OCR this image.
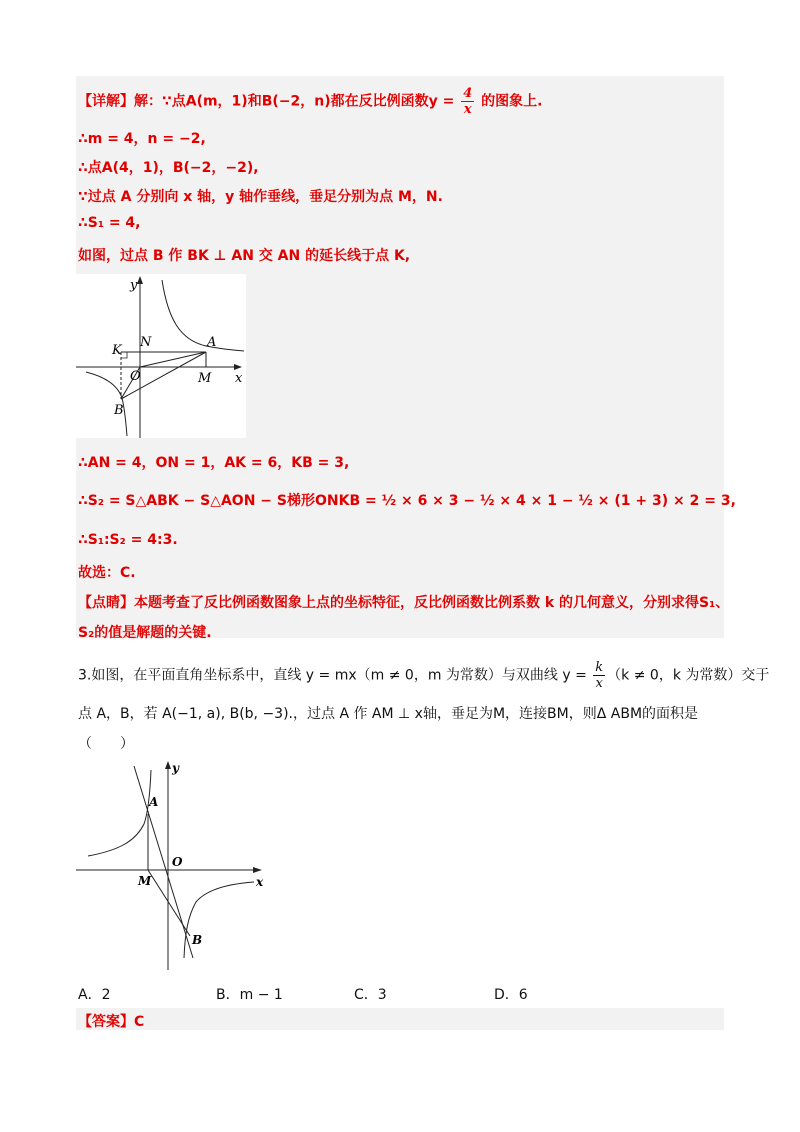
【详解】解：∵点A(m，1)和B(−2，n)都在反比例函数$y = \frac{4}{x}$ 的图象上.
∴m = 4，n = −2,
∴点A(4，1)，B(−2，−2),
∵过点 A 分别向 x 轴，y 轴作垂线，垂足分别为点 M，N.
∴S₁ = 4,
如图，过点 B 作 BK ⊥ AN 交 AN 的延长线于点 K,
y
x
A
B
K
N
O	M
∴AN = 4，ON = 1，AK = 6，KB = 3,
∴S₂ = S△ABK − S△AON − S梯形ONKB = ½ × 6 × 3 − ½ × 4 × 1 − ½ × (1 + 3) × 2 = 3,
∴S₁:S₂ = 4:3.
故选：C.
【点睛】本题考查了反比例函数图象上点的坐标特征，反比例函数比例系数 k 的几何意义，分别求得S₁、
S₂的值是解题的关键.
3.如图，在平面直角坐标系中，直线 y = mx（m ≠ 0，m 为常数）与双曲线 $y = \frac{k}{x} (k \ne 0$，k 为常数）交于
点 A，B，若 A(−1, a), B(b, −3).，过点 A 作 AM ⊥ x轴，垂足为M，连接BM，则Δ ABM的面积是
（　　）
y
x
A
B
O
M
A．2	B．m − 1	C．3	D．6
【答案】C
